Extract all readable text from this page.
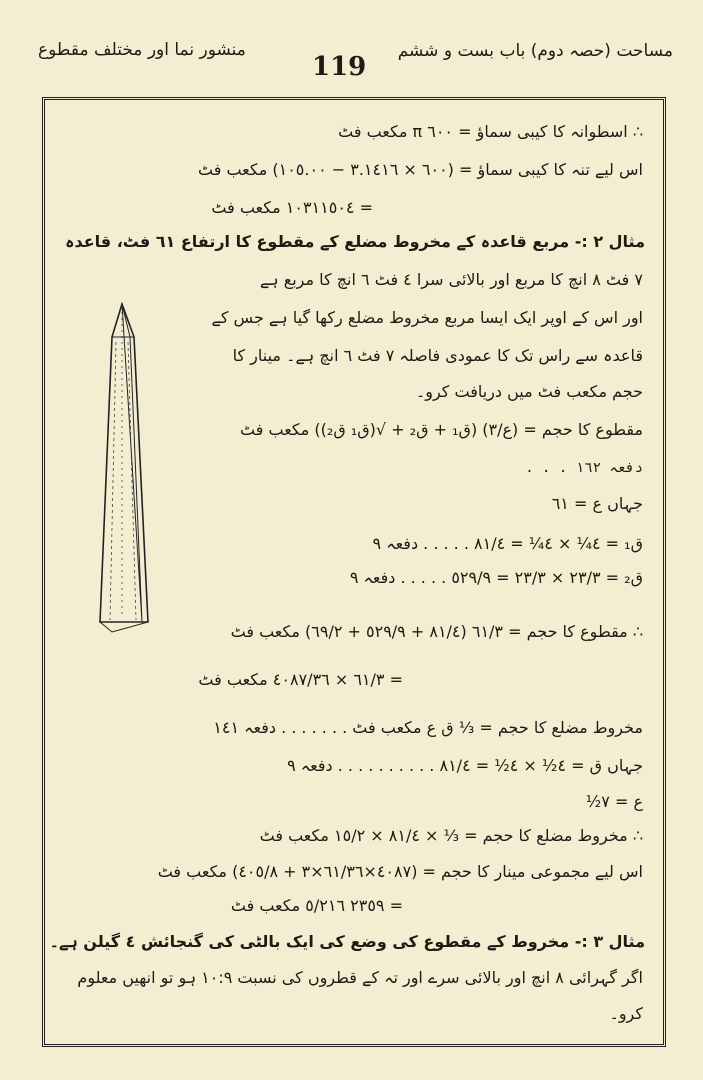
منشور نما اور مختلف مقطوع
119
مساحت (حصہ دوم) باب بست و ششم
∴ اسطوانہ کا کیبی سماؤ = ٦٠٠ π مکعب فٹ
اس لیے تنہ کا کیبی سماؤ = (٦٠٠ × ٣.١٤١٦ − ١٠٥.٠٠) مکعب فٹ
= ١٠٣١١٥٠٤ مکعب فٹ
مثال ۲ :- مربع قاعدہ کے مخروط مضلع کے مقطوع کا ارتفاع ٦١ فٹ، قاعدہ
٧ فٹ ٨ انچ کا مربع اور بالائی سرا ٤ فٹ ٦ انچ کا مربع ہے
اور اس کے اوپر ایک ایسا مربع مخروط مضلع رکھا گیا ہے جس کے
قاعدہ سے راس تک کا عمودی فاصلہ ٧ فٹ ٦ انچ ہے۔ مینار کا
حجم مکعب فٹ میں دریافت کرو۔
مقطوع کا حجم = (ع/٣) (ق₁ + ق₂ + √(ق₁ ق₂)) مکعب فٹ
دفعہ ١٦٢ . . .
جہاں ع = ٦١
ق₁ = ٤¼ × ٤¼ = ٨١/٤ . . . . . دفعہ ٩
ق₂ = ٢٣/٣ × ٢٣/٣ = ٥٢٩/٩ . . . . . دفعہ ٩
∴ مقطوع کا حجم = ٦١/٣ (٨١/٤ + ٥٢٩/٩ + ٦٩/٢) مکعب فٹ
= ٦١/٣ × ٤٠٨٧/٣٦ مکعب فٹ
مخروط مضلع کا حجم = ⅓ ق ع مکعب فٹ . . . . . . . دفعہ ١٤١
جہاں ق = ٤½ × ٤½ = ٨١/٤ . . . . . . . . . . دفعہ ٩
ع = ٧½
∴ مخروط مضلع کا حجم = ⅓ × ٨١/٤ × ١٥/٢ مکعب فٹ
اس لیے مجموعی مینار کا حجم = (٤٠٨٧×٦١/٣٦×٣ + ٤٠٥/٨) مکعب فٹ
= ٢٣٥٩ ٥/٢١٦ مکعب فٹ
مثال ۳ :- مخروط کے مقطوع کی وضع کی ایک بالٹی کی گنجائش ٤ گیلن ہے۔
اگر گہرائی ٨ انچ اور بالائی سرے اور تہ کے قطروں کی نسبت ١٠:٩ ہو تو انھیں معلوم
کرو۔
